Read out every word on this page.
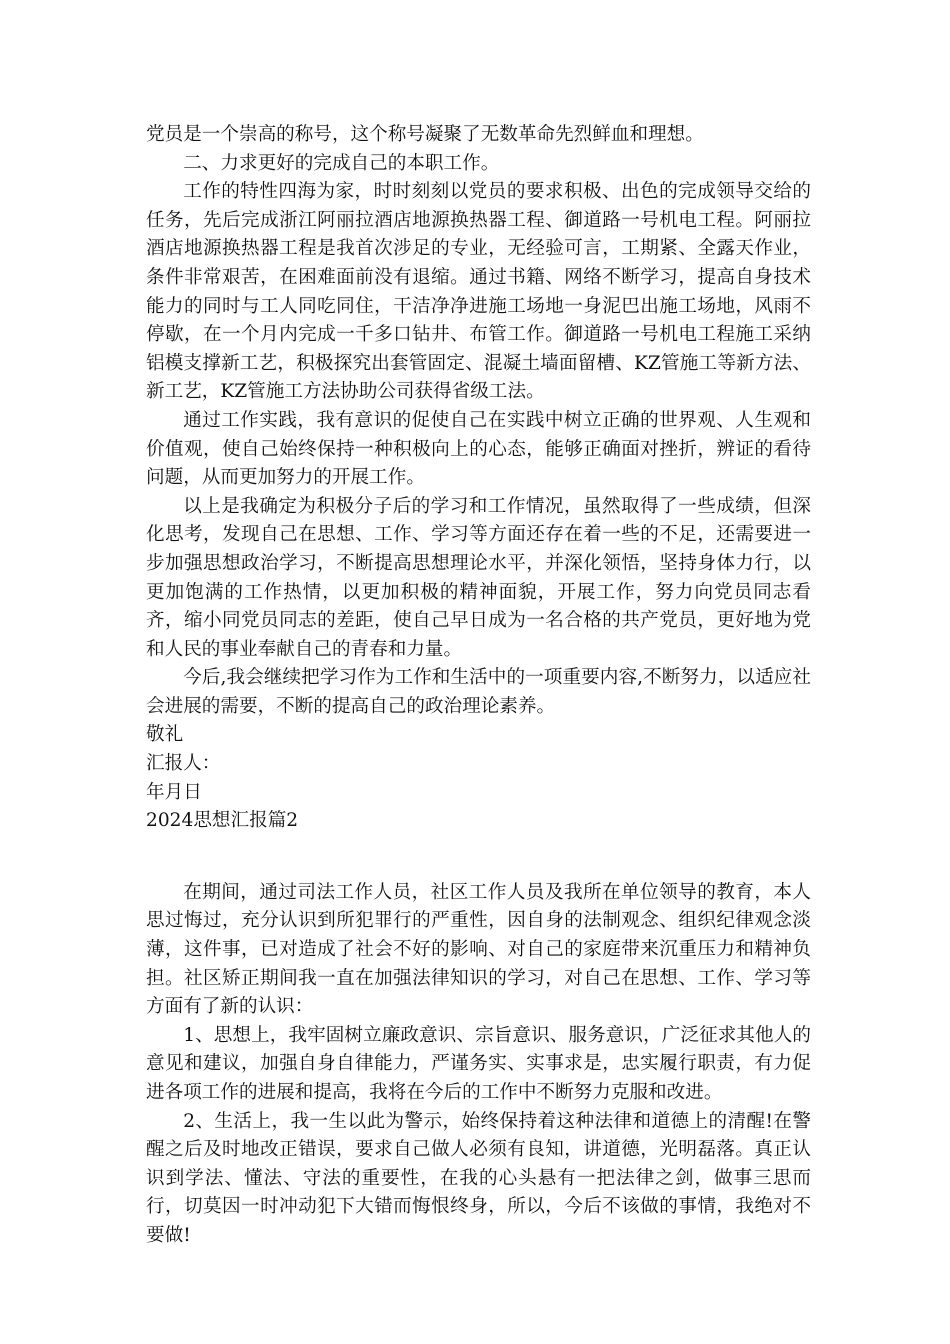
党员是一个崇高的称号，这个称号凝聚了无数革命先烈鲜血和理想。

二、力求更好的完成自己的本职工作。

工作的特性四海为家，时时刻刻以党员的要求积极、出色的完成领导交给的任务，先后完成浙江阿丽拉酒店地源换热器工程、御道路一号机电工程。阿丽拉酒店地源换热器工程是我首次涉足的专业，无经验可言，工期紧、全露天作业，条件非常艰苦，在困难面前没有退缩。通过书籍、网络不断学习，提高自身技术能力的同时与工人同吃同住，干洁净净进施工场地一身泥巴出施工场地，风雨不停歇，在一个月内完成一千多口钻井、布管工作。御道路一号机电工程施工采纳铝模支撑新工艺，积极探究出套管固定、混凝土墙面留槽、KZ管施工等新方法、新工艺，KZ管施工方法协助公司获得省级工法。

通过工作实践，我有意识的促使自己在实践中树立正确的世界观、人生观和价值观，使自己始终保持一种积极向上的心态，能够正确面对挫折，辨证的看待问题，从而更加努力的开展工作。

以上是我确定为积极分子后的学习和工作情况，虽然取得了一些成绩，但深化思考，发现自己在思想、工作、学习等方面还存在着一些的不足，还需要进一步加强思想政治学习，不断提高思想理论水平，并深化领悟，坚持身体力行，以更加饱满的工作热情，以更加积极的精神面貌，开展工作，努力向党员同志看齐，缩小同党员同志的差距，使自己早日成为一名合格的共产党员，更好地为党和人民的事业奉献自己的青春和力量。

今后,我会继续把学习作为工作和生活中的一项重要内容,不断努力，以适应社会进展的需要，不断的提高自己的政治理论素养。

敬礼

汇报人：

年月日

2024思想汇报篇2

在期间，通过司法工作人员，社区工作人员及我所在单位领导的教育，本人思过悔过，充分认识到所犯罪行的严重性，因自身的法制观念、组织纪律观念淡薄，这件事，已对造成了社会不好的影响、对自己的家庭带来沉重压力和精神负担。社区矫正期间我一直在加强法律知识的学习，对自己在思想、工作、学习等方面有了新的认识：

1、思想上，我牢固树立廉政意识、宗旨意识、服务意识，广泛征求其他人的意见和建议，加强自身自律能力，严谨务实、实事求是，忠实履行职责，有力促进各项工作的进展和提高，我将在今后的工作中不断努力克服和改进。

2、生活上，我一生以此为警示，始终保持着这种法律和道德上的清醒!在警醒之后及时地改正错误，要求自己做人必须有良知，讲道德，光明磊落。真正认识到学法、懂法、守法的重要性，在我的心头悬有一把法律之剑，做事三思而行，切莫因一时冲动犯下大错而悔恨终身，所以，今后不该做的事情，我绝对不要做!
